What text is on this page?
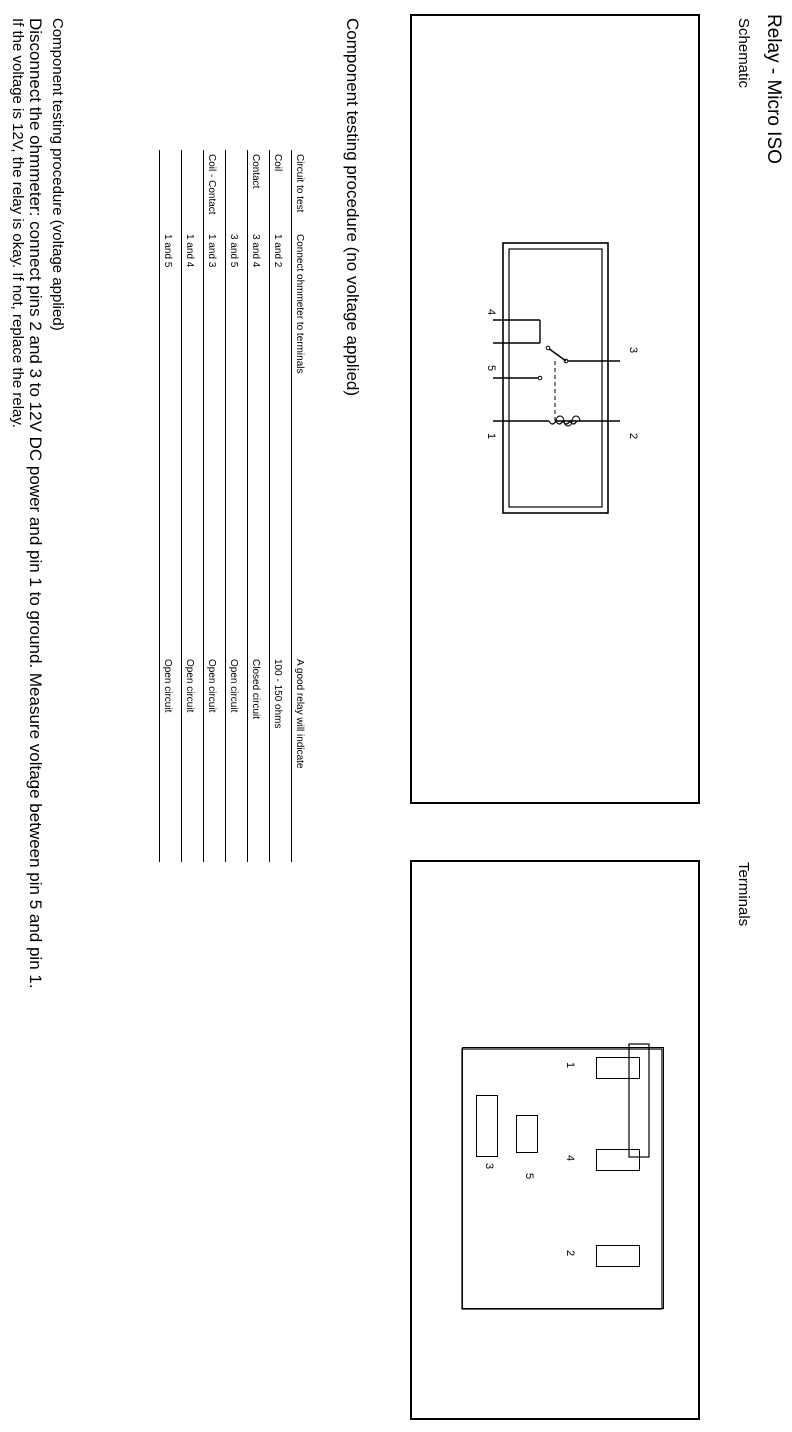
Relay - Micro ISO
Schematic
Terminals
2
3
1
4
5
1
4
2
5
3
Component testing procedure (no voltage applied)
Circuit to test	Connect ohmmeter to terminals	A good relay will indicate
Coil	1 and 2	100 - 150 ohms
Contact	3 and 4	Closed circuit
	3 and 5	Open circuit
Coil - Contact	1 and 3	Open circuit
	1 and 4	Open circuit
	1 and 5	Open circuit
Component testing procedure (voltage applied)
Disconnect the ohmmeter: connect pins 2 and 3 to 12V DC power and pin 1 to ground. Measure voltage between pin 5 and pin 1.
If the voltage is 12V, the relay is okay. If not, replace the relay.
